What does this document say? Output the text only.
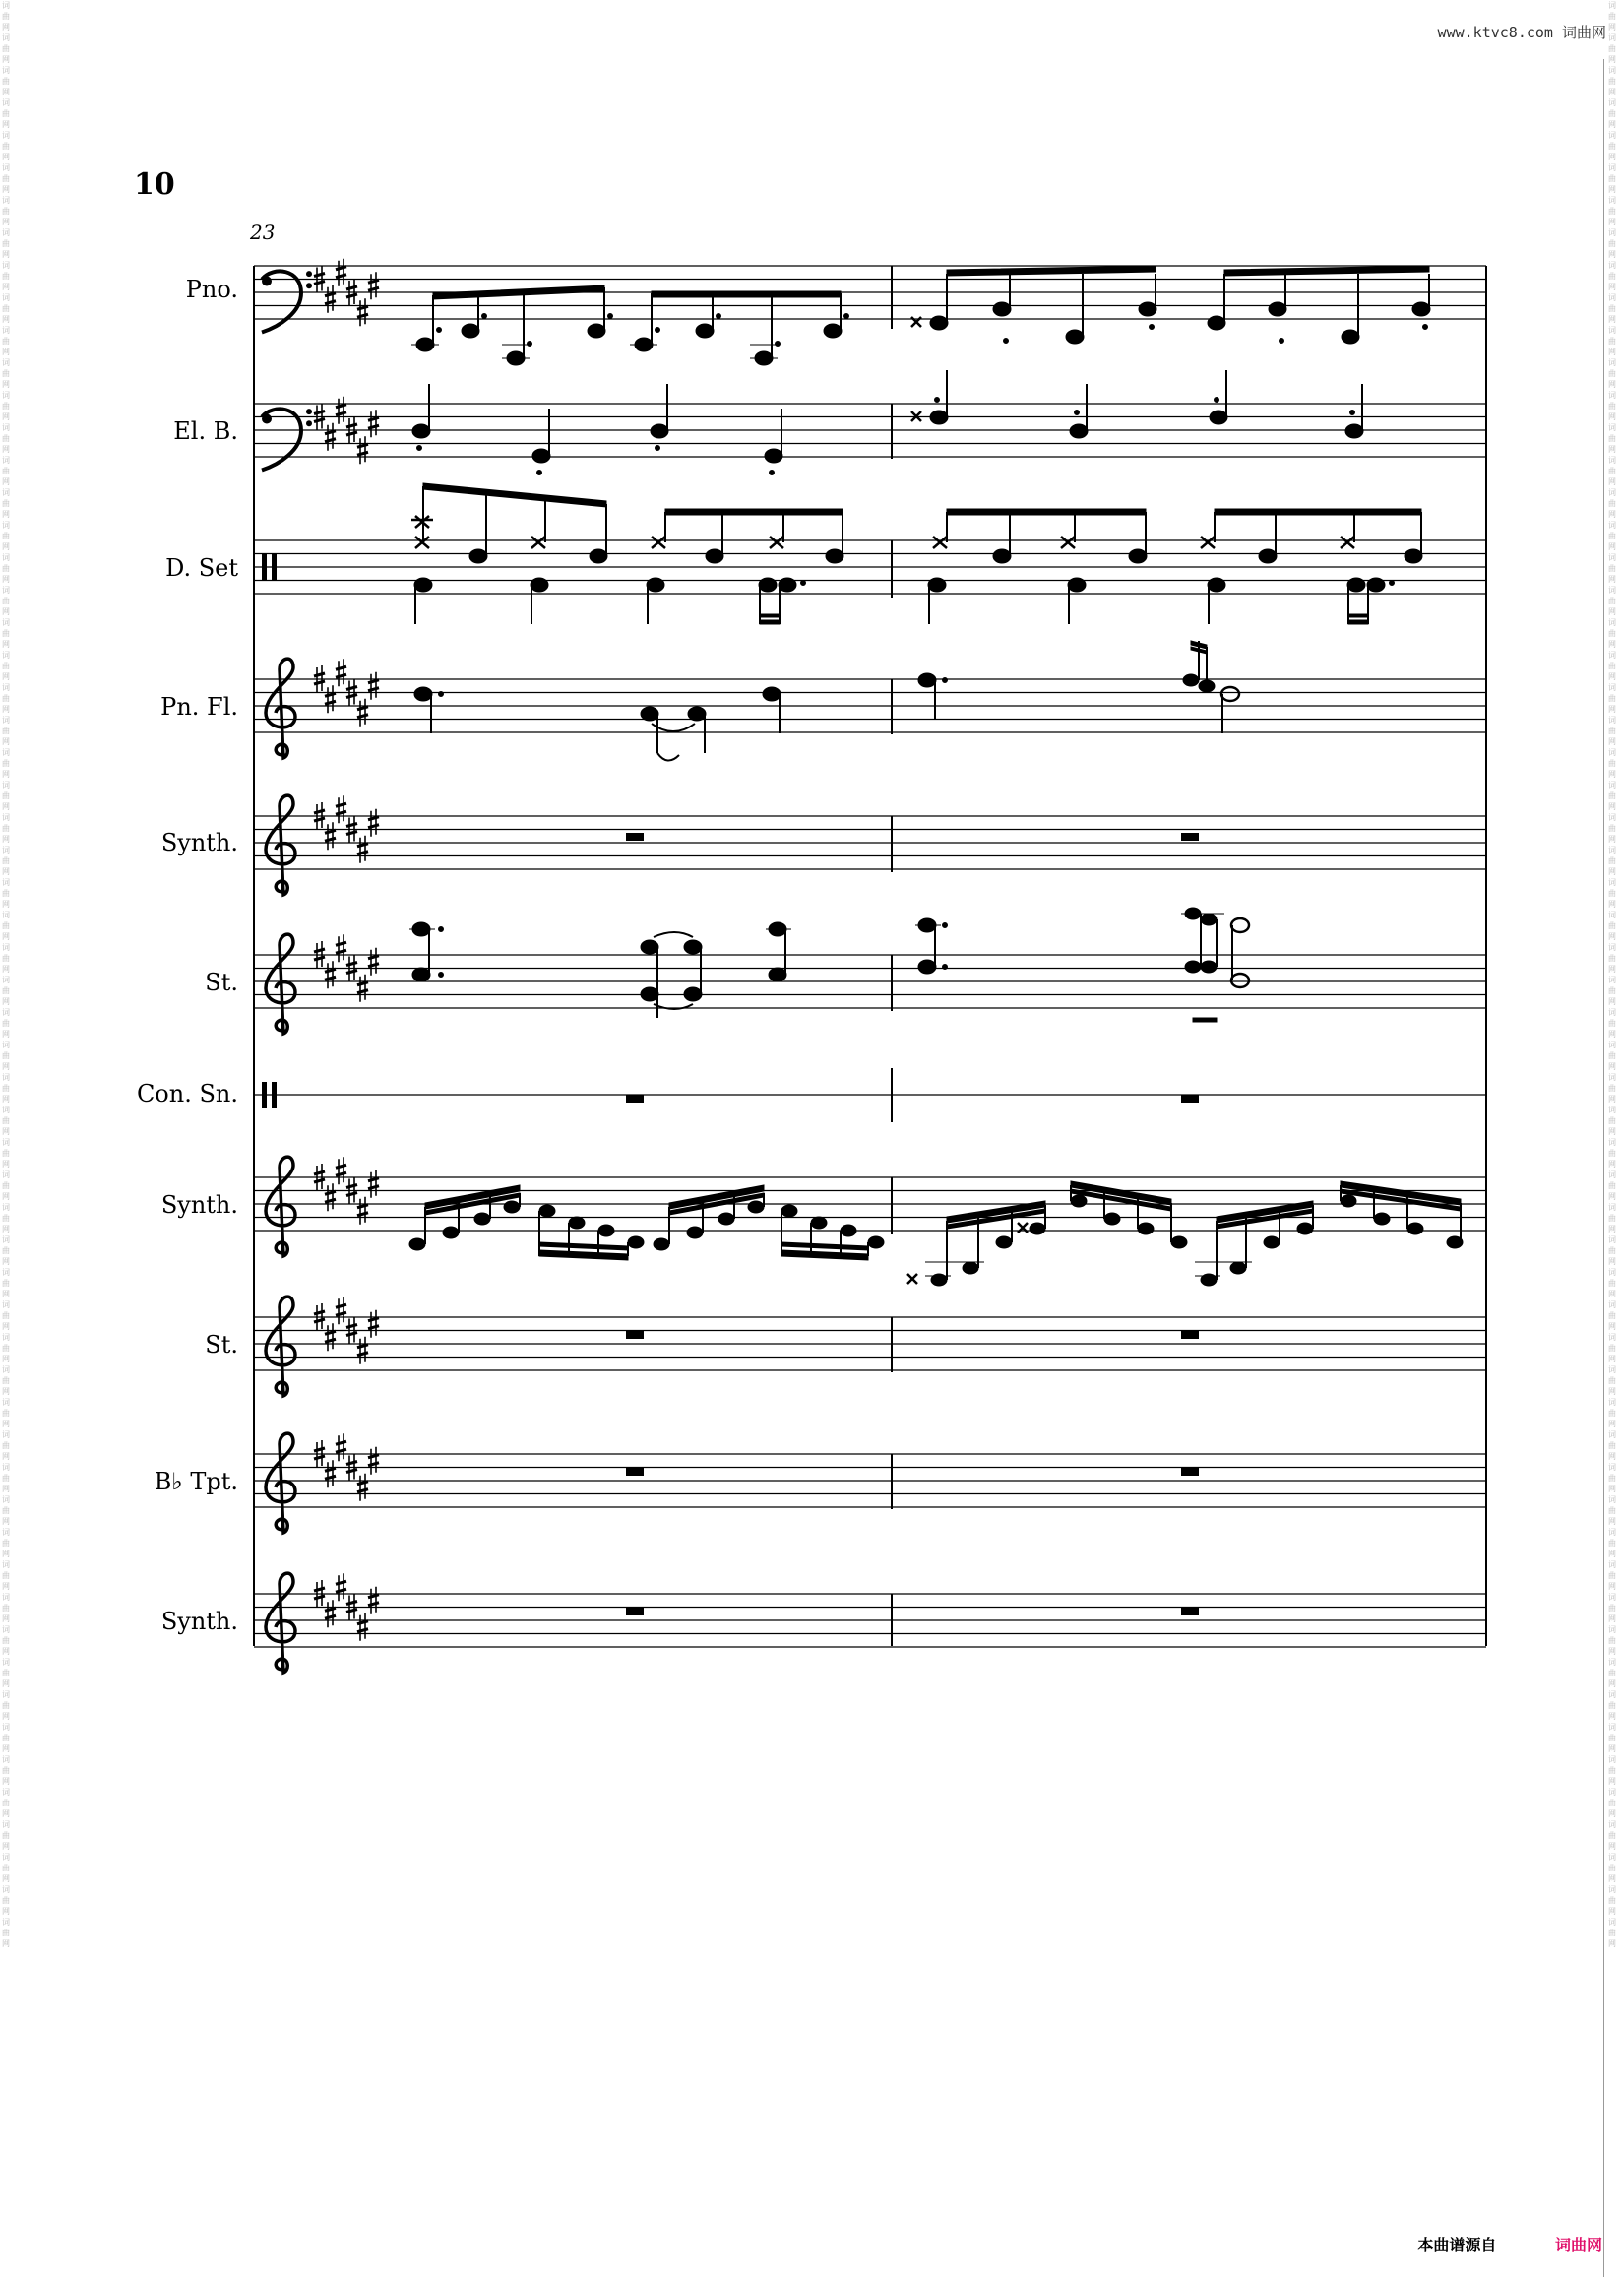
词曲网词曲网词曲网词曲网词曲网词曲网词曲网词曲网词曲网词曲网词曲网词曲网词曲网词曲网词曲网词曲网词曲网词曲网词曲网词曲网词曲网词曲网词曲网词曲网词曲网词曲网词曲网词曲网词曲网词曲网词曲网词曲网词曲网词曲网词曲网词曲网词曲网词曲网词曲网词曲网词曲网词曲网词曲网词曲网词曲网词曲网词曲网词曲网词曲网词曲网词曲网词曲网词曲网词曲网词曲网词曲网词曲网词曲网词曲网词曲网
词曲网词曲网词曲网词曲网词曲网词曲网词曲网词曲网词曲网词曲网词曲网词曲网词曲网词曲网词曲网词曲网词曲网词曲网词曲网词曲网词曲网词曲网词曲网词曲网词曲网词曲网词曲网词曲网词曲网词曲网词曲网词曲网词曲网词曲网词曲网词曲网词曲网词曲网词曲网词曲网词曲网词曲网词曲网词曲网词曲网词曲网词曲网词曲网词曲网词曲网词曲网词曲网词曲网词曲网词曲网词曲网词曲网词曲网词曲网词曲网
www.ktvc8.com 词曲网
10
23
Pno.
El. B.
D. Set
Pn. Fl.
Synth.
St.
Con. Sn.
Synth.
St.
B♭ Tpt.
Synth.
本曲谱源自	词曲网
